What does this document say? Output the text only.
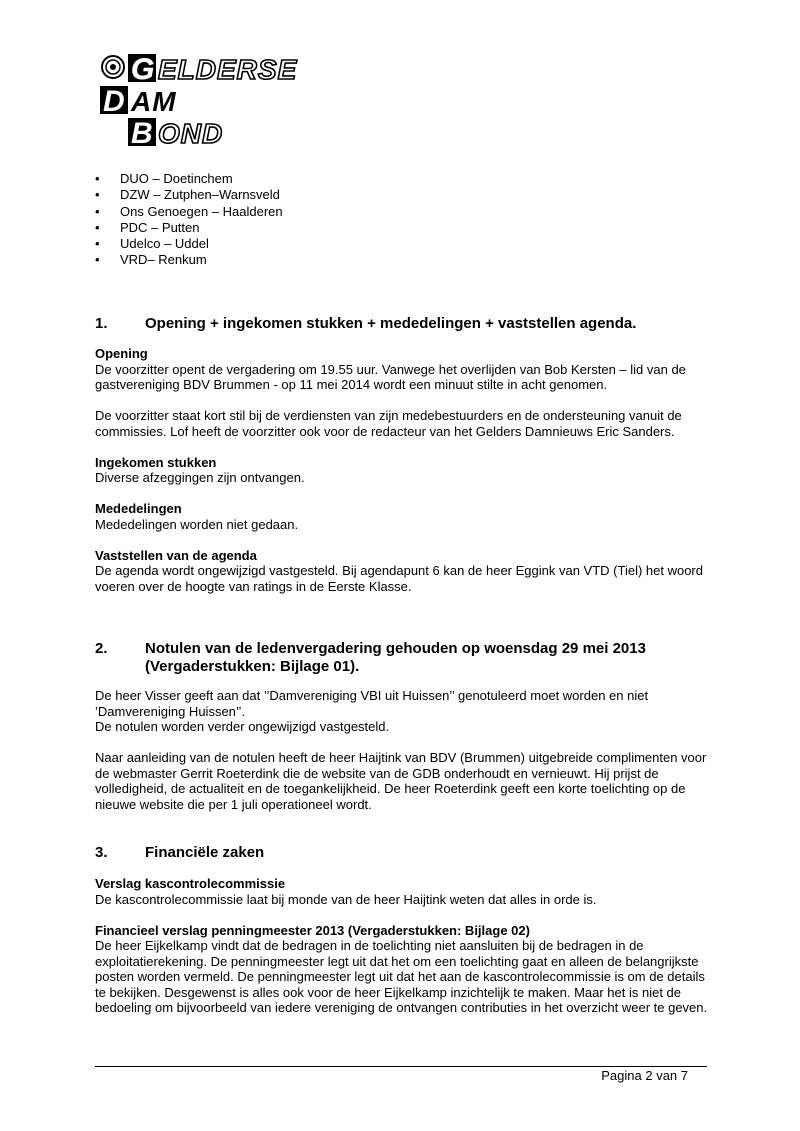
G
D
B
ELDERSE
AM
OND
• DUO – Doetinchem
• DZW – Zutphen–Warnsveld
• Ons Genoegen – Haalderen
• PDC – Putten
• Udelco – Uddel
• VRD– Renkum
1. Opening + ingekomen stukken + mededelingen + vaststellen agenda.

Opening

De voorzitter opent de vergadering om 19.55 uur. Vanwege het overlijden van Bob Kersten – lid van de gastvereniging BDV Brummen - op 11 mei 2014 wordt een minuut stilte in acht genomen.

De voorzitter staat kort stil bij de verdiensten van zijn medebestuurders en de ondersteuning vanuit de commissies. Lof heeft de voorzitter ook voor de redacteur van het Gelders Damnieuws Eric Sanders.

Ingekomen stukken

Diverse afzeggingen zijn ontvangen.

Mededelingen

Mededelingen worden niet gedaan.

Vaststellen van de agenda

De agenda wordt ongewijzigd vastgesteld. Bij agendapunt 6 kan de heer Eggink van VTD (Tiel) het woord voeren over de hoogte van ratings in de Eerste Klasse.

2. Notulen van de ledenvergadering gehouden op woensdag 29 mei 2013 (Vergaderstukken: Bijlage 01).

De heer Visser geeft aan dat ’’Damvereniging VBI uit Huissen’’ genotuleerd moet worden en niet ’Damvereniging Huissen’’.

De notulen worden verder ongewijzigd vastgesteld.

Naar aanleiding van de notulen heeft de heer Haijtink van BDV (Brummen) uitgebreide complimenten voor de webmaster Gerrit Roeterdink die de website van de GDB onderhoudt en vernieuwt. Hij prijst de volledigheid, de actualiteit en de toegankelijkheid. De heer Roeterdink geeft een korte toelichting op de nieuwe website die per 1 juli operationeel wordt.

3. Financiële zaken

Verslag kascontrolecommissie

De kascontrolecommissie laat bij monde van de heer Haijtink weten dat alles in orde is.

Financieel verslag penningmeester 2013 (Vergaderstukken: Bijlage 02)

De heer Eijkelkamp vindt dat de bedragen in de toelichting niet aansluiten bij de bedragen in de exploitatierekening. De penningmeester legt uit dat het om een toelichting gaat en alleen de belangrijkste posten worden vermeld. De penningmeester legt uit dat het aan de kascontrolecommissie is om de details te bekijken. Desgewenst is alles ook voor de heer Eijkelkamp inzichtelijk te maken. Maar het is niet de bedoeling om bijvoorbeeld van iedere vereniging de ontvangen contributies in het overzicht weer te geven.

Pagina 2 van 7
